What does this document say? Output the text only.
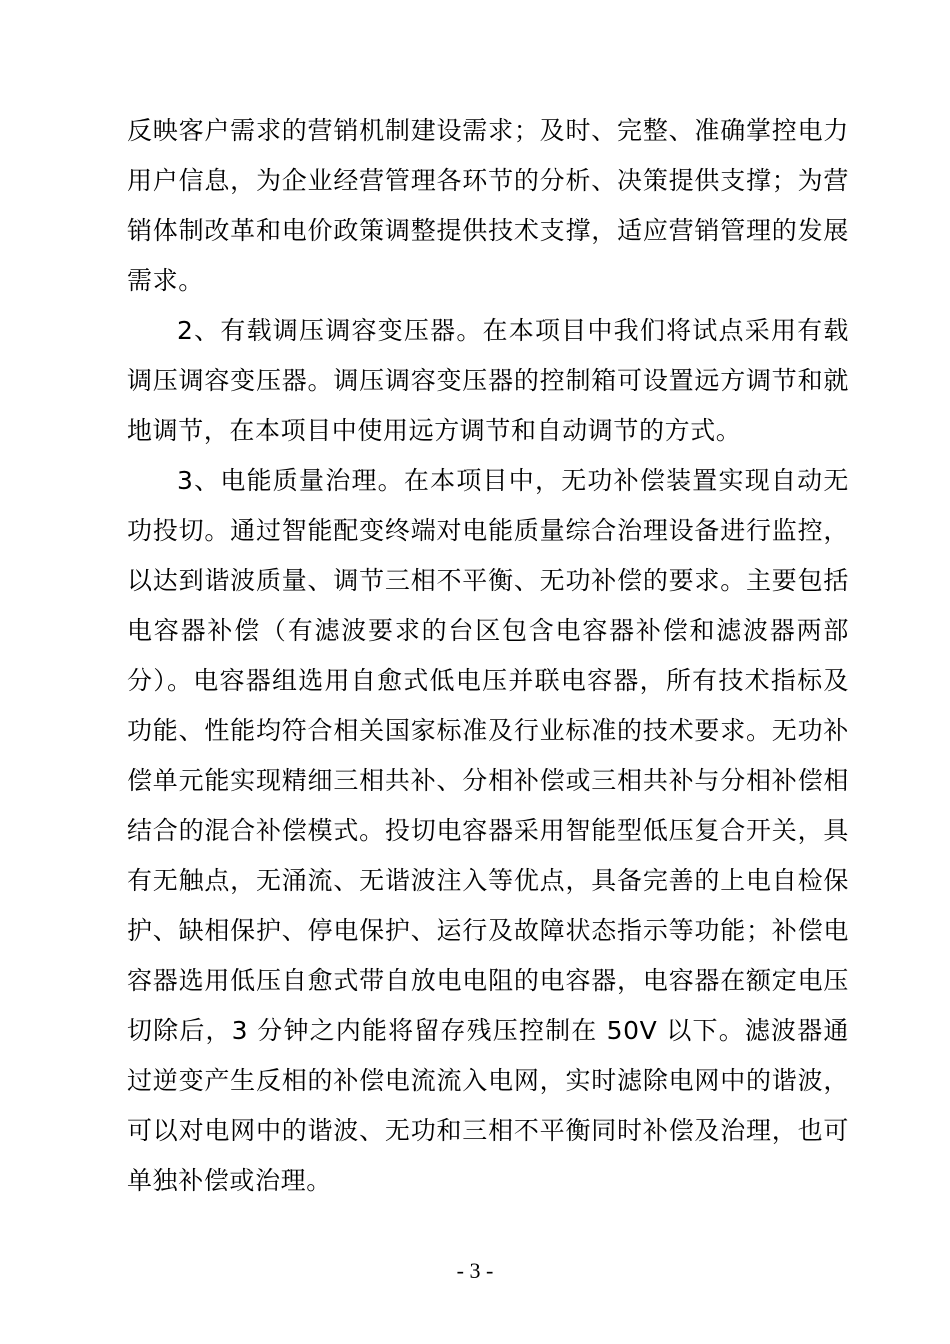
反映客户需求的营销机制建设需求；及时、完整、准确掌控电力用户信息，为企业经营管理各环节的分析、决策提供支撑；为营销体制改革和电价政策调整提供技术支撑，适应营销管理的发展需求。

2、有载调压调容变压器。在本项目中我们将试点采用有载调压调容变压器。调压调容变压器的控制箱可设置远方调节和就地调节，在本项目中使用远方调节和自动调节的方式。

3、电能质量治理。在本项目中，无功补偿装置实现自动无功投切。通过智能配变终端对电能质量综合治理设备进行监控，以达到谐波质量、调节三相不平衡、无功补偿的要求。主要包括电容器补偿（有滤波要求的台区包含电容器补偿和滤波器两部分）。电容器组选用自愈式低电压并联电容器，所有技术指标及功能、性能均符合相关国家标准及行业标准的技术要求。无功补偿单元能实现精细三相共补、分相补偿或三相共补与分相补偿相结合的混合补偿模式。投切电容器采用智能型低压复合开关，具有无触点，无涌流、无谐波注入等优点，具备完善的上电自检保护、缺相保护、停电保护、运行及故障状态指示等功能；补偿电容器选用低压自愈式带自放电电阻的电容器，电容器在额定电压切除后，3 分钟之内能将留存残压控制在 50V 以下。滤波器通过逆变产生反相的补偿电流流入电网，实时滤除电网中的谐波，可以对电网中的谐波、无功和三相不平衡同时补偿及治理，也可单独补偿或治理。

- 3 -
